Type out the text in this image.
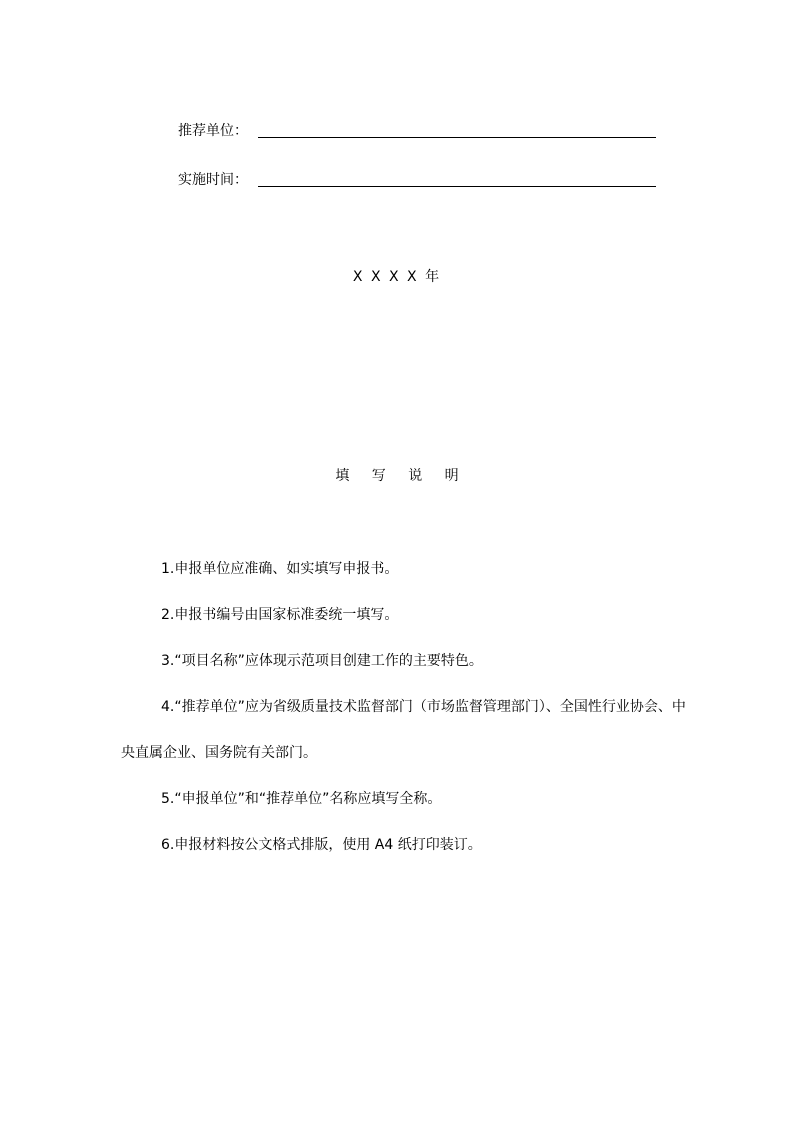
推荐单位：
实施时间：
X X X X 年
填 写 说 明

1.申报单位应准确、如实填写申报书。

2.申报书编号由国家标准委统一填写。

3.“项目名称”应体现示范项目创建工作的主要特色。

4.“推荐单位”应为省级质量技术监督部门（市场监督管理部门）、全国性行业协会、中央直属企业、国务院有关部门。

5.“申报单位”和“推荐单位”名称应填写全称。

6.申报材料按公文格式排版，使用 A4 纸打印装订。
